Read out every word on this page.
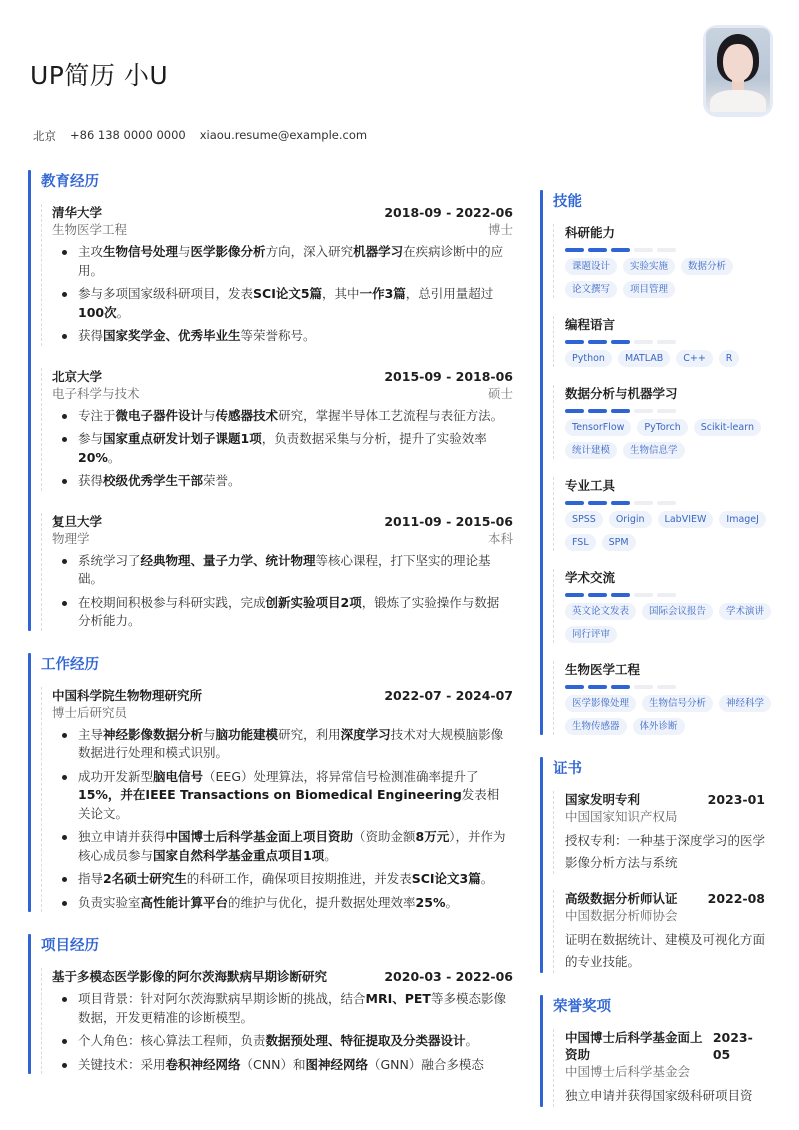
UP简历 小U
北京 +86 138 0000 0000 xiaou.resume@example.com
教育经历
清华大学	2018-09 - 2022-06
生物医学工程	博士
主攻生物信号处理与医学影像分析方向，深入研究机器学习在疾病诊断中的应用。
参与多项国家级科研项目，发表SCI论文5篇，其中一作3篇，总引用量超过100次。
获得国家奖学金、优秀毕业生等荣誉称号。
北京大学	2015-09 - 2018-06
电子科学与技术	硕士
专注于微电子器件设计与传感器技术研究，掌握半导体工艺流程与表征方法。
参与国家重点研发计划子课题1项，负责数据采集与分析，提升了实验效率20%。
获得校级优秀学生干部荣誉。
复旦大学	2011-09 - 2015-06
物理学	本科
系统学习了经典物理、量子力学、统计物理等核心课程，打下坚实的理论基础。
在校期间积极参与科研实践，完成创新实验项目2项，锻炼了实验操作与数据分析能力。
工作经历
中国科学院生物物理研究所	2022-07 - 2024-07
博士后研究员
主导神经影像数据分析与脑功能建模研究，利用深度学习技术对大规模脑影像数据进行处理和模式识别。
成功开发新型脑电信号（EEG）处理算法，将异常信号检测准确率提升了15%，并在IEEE Transactions on Biomedical Engineering发表相关论文。
独立申请并获得中国博士后科学基金面上项目资助（资助金额8万元），并作为核心成员参与国家自然科学基金重点项目1项。
指导2名硕士研究生的科研工作，确保项目按期推进，并发表SCI论文3篇。
负责实验室高性能计算平台的维护与优化，提升数据处理效率25%。
项目经历
基于多模态医学影像的阿尔茨海默病早期诊断研究	2020-03 - 2022-06
项目背景：针对阿尔茨海默病早期诊断的挑战，结合MRI、PET等多模态影像数据，开发更精准的诊断模型。
个人角色：核心算法工程师，负责数据预处理、特征提取及分类器设计。
关键技术：采用卷积神经网络（CNN）和图神经网络（GNN）融合多模态
技能
科研能力
课题设计	实验实施	数据分析
论文撰写	项目管理
编程语言
Python	MATLAB	C++	R
数据分析与机器学习
TensorFlow	PyTorch	Scikit-learn
统计建模	生物信息学
专业工具
SPSS	Origin	LabVIEW	ImageJ
FSL	SPM
学术交流
英文论文发表	国际会议报告	学术演讲
同行评审
生物医学工程
医学影像处理	生物信号分析	神经科学
生物传感器	体外诊断
证书
国家发明专利	2023-01
中国国家知识产权局
授权专利：一种基于深度学习的医学影像分析方法与系统
高级数据分析师认证 2022-08
中国数据分析师协会
证明在数据统计、建模及可视化方面的专业技能。
荣誉奖项
中国博士后科学基金面上资助
2023-05
中国博士后科学基金会
独立申请并获得国家级科研项目资
